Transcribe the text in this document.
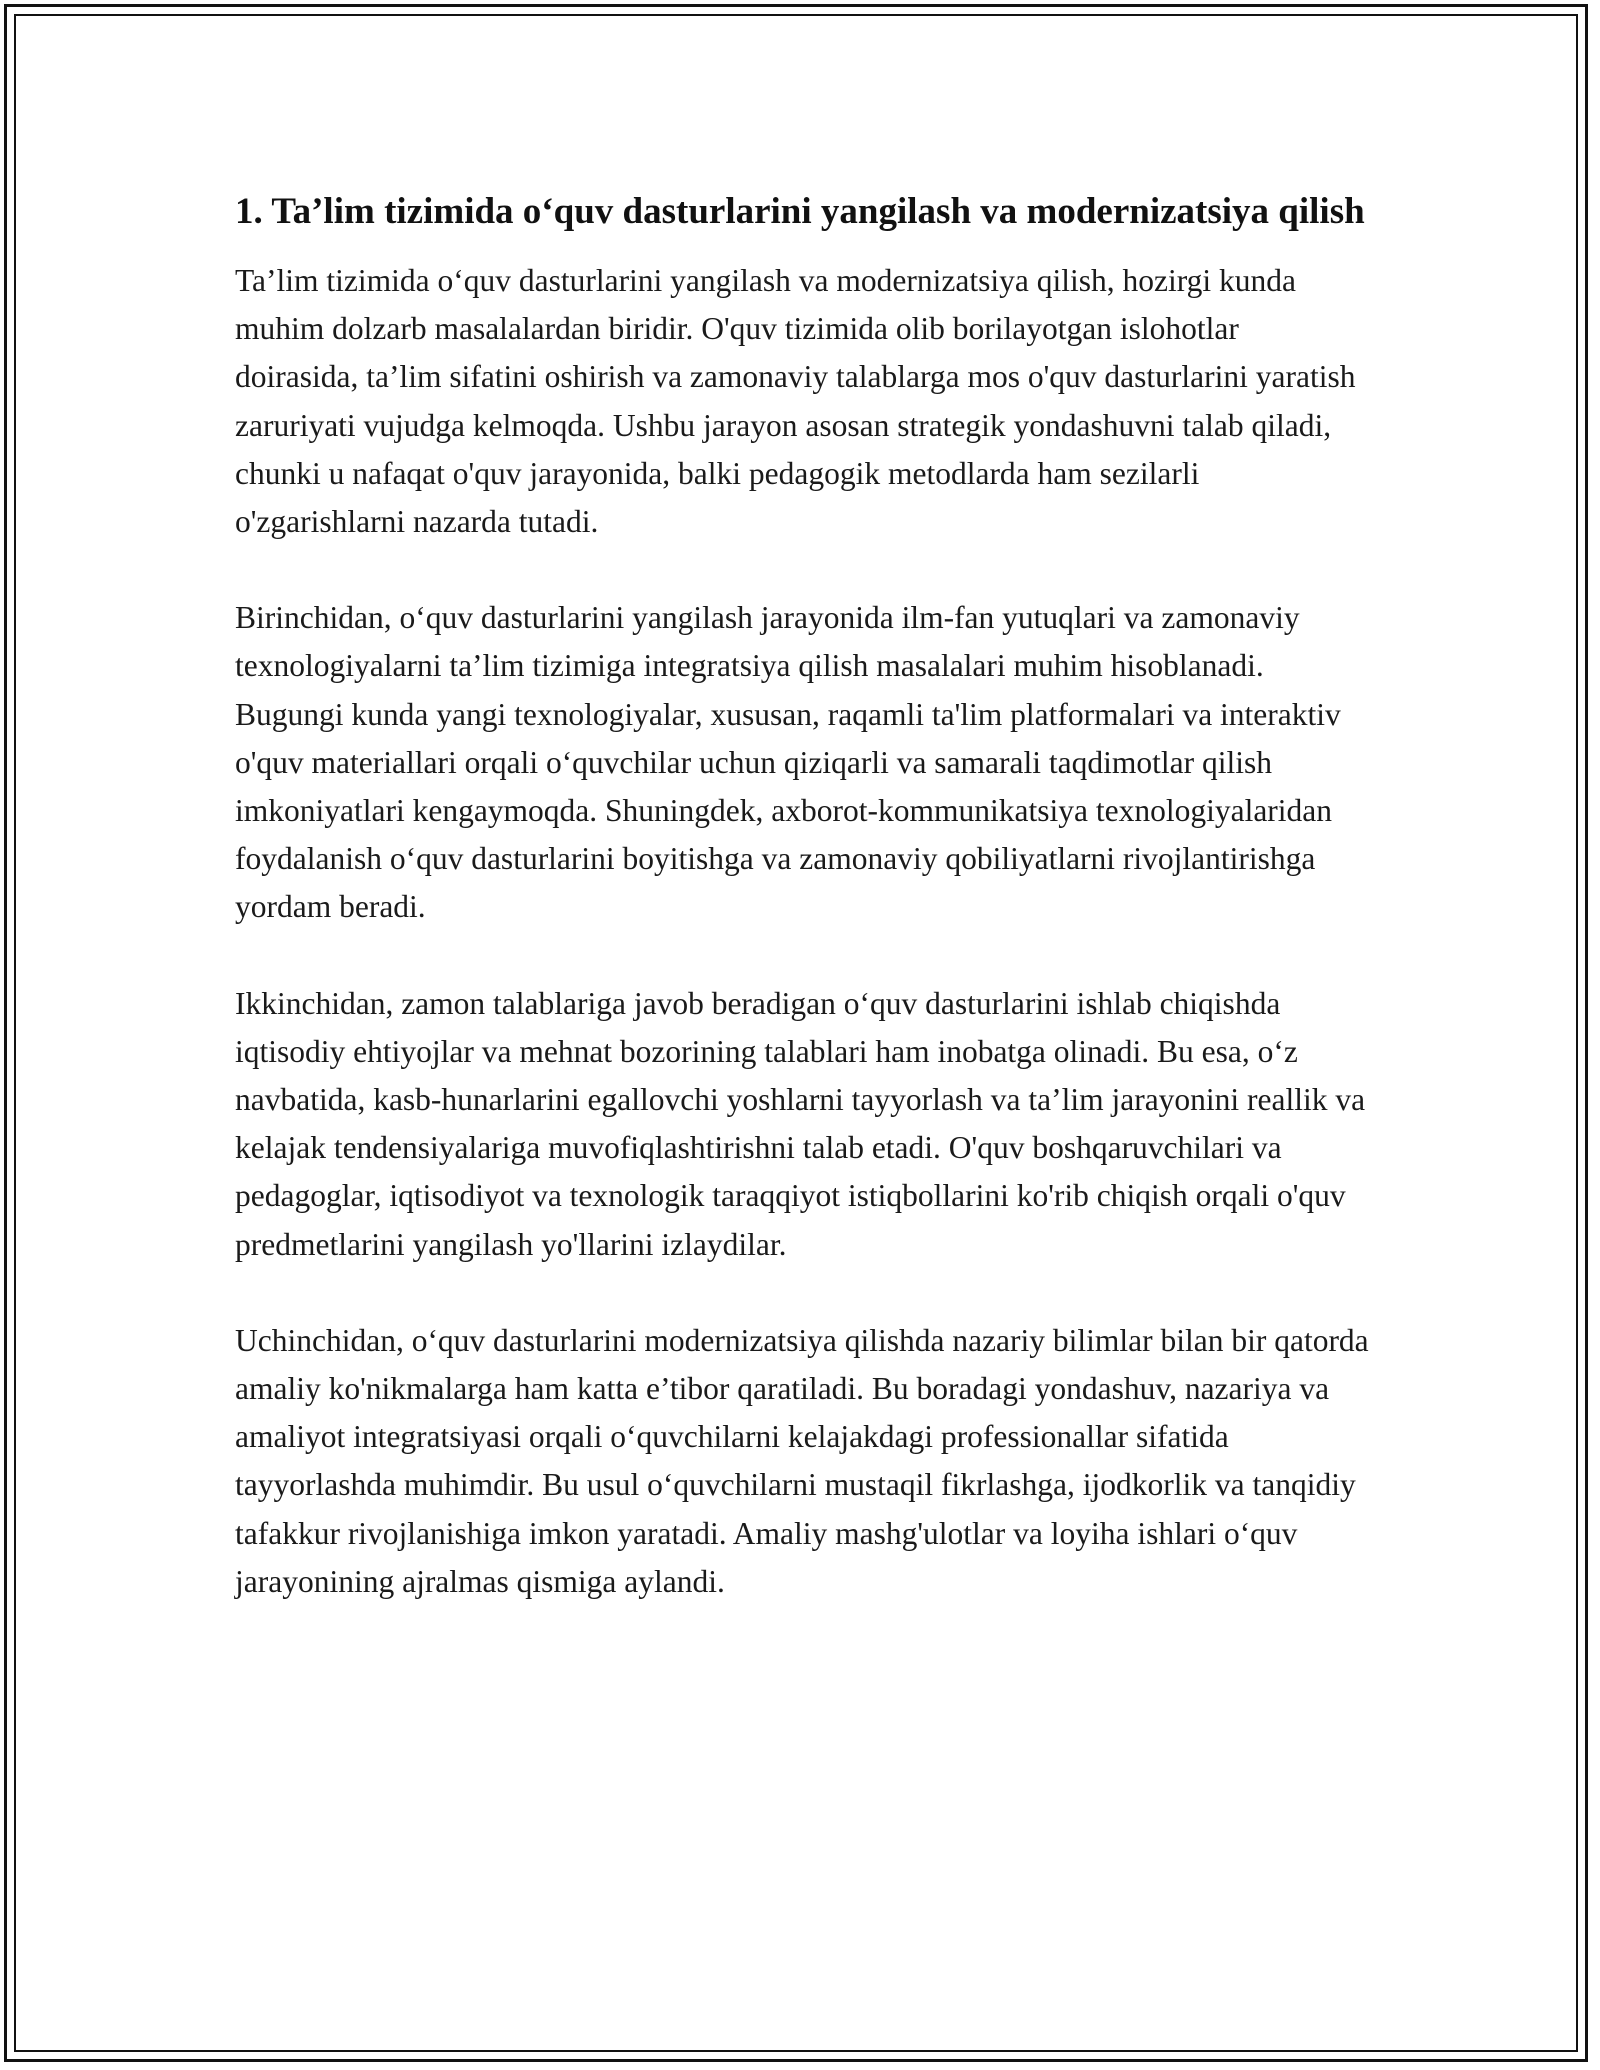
1. Ta’lim tizimida o‘quv dasturlarini yangilash va modernizatsiya qilish

Ta’lim tizimida o‘quv dasturlarini yangilash va modernizatsiya qilish, hozirgi kunda muhim dolzarb masalalardan biridir. O'quv tizimida olib borilayotgan islohotlar doirasida, ta’lim sifatini oshirish va zamonaviy talablarga mos o'quv dasturlarini yaratish zaruriyati vujudga kelmoqda. Ushbu jarayon asosan strategik yondashuvni talab qiladi, chunki u nafaqat o'quv jarayonida, balki pedagogik metodlarda ham sezilarli o'zgarishlarni nazarda tutadi.

Birinchidan, o‘quv dasturlarini yangilash jarayonida ilm-fan yutuqlari va zamonaviy texnologiyalarni ta’lim tizimiga integratsiya qilish masalalari muhim hisoblanadi. Bugungi kunda yangi texnologiyalar, xususan, raqamli ta'lim platformalari va interaktiv o'quv materiallari orqali o‘quvchilar uchun qiziqarli va samarali taqdimotlar qilish imkoniyatlari kengaymoqda. Shuningdek, axborot-kommunikatsiya texnologiyalaridan foydalanish o‘quv dasturlarini boyitishga va zamonaviy qobiliyatlarni rivojlantirishga yordam beradi.

Ikkinchidan, zamon talablariga javob beradigan o‘quv dasturlarini ishlab chiqishda iqtisodiy ehtiyojlar va mehnat bozorining talablari ham inobatga olinadi. Bu esa, o‘z navbatida, kasb-hunarlarini egallovchi yoshlarni tayyorlash va ta’lim jarayonini reallik va kelajak tendensiyalariga muvofiqlashtirishni talab etadi. O'quv boshqaruvchilari va pedagoglar, iqtisodiyot va texnologik taraqqiyot istiqbollarini ko'rib chiqish orqali o'quv predmetlarini yangilash yo'llarini izlaydilar.

Uchinchidan, o‘quv dasturlarini modernizatsiya qilishda nazariy bilimlar bilan bir qatorda amaliy ko'nikmalarga ham katta e’tibor qaratiladi. Bu boradagi yondashuv, nazariya va amaliyot integratsiyasi orqali o‘quvchilarni kelajakdagi professionallar sifatida tayyorlashda muhimdir. Bu usul o‘quvchilarni mustaqil fikrlashga, ijodkorlik va tanqidiy tafakkur rivojlanishiga imkon yaratadi. Amaliy mashg'ulotlar va loyiha ishlari o‘quv jarayonining ajralmas qismiga aylandi.
